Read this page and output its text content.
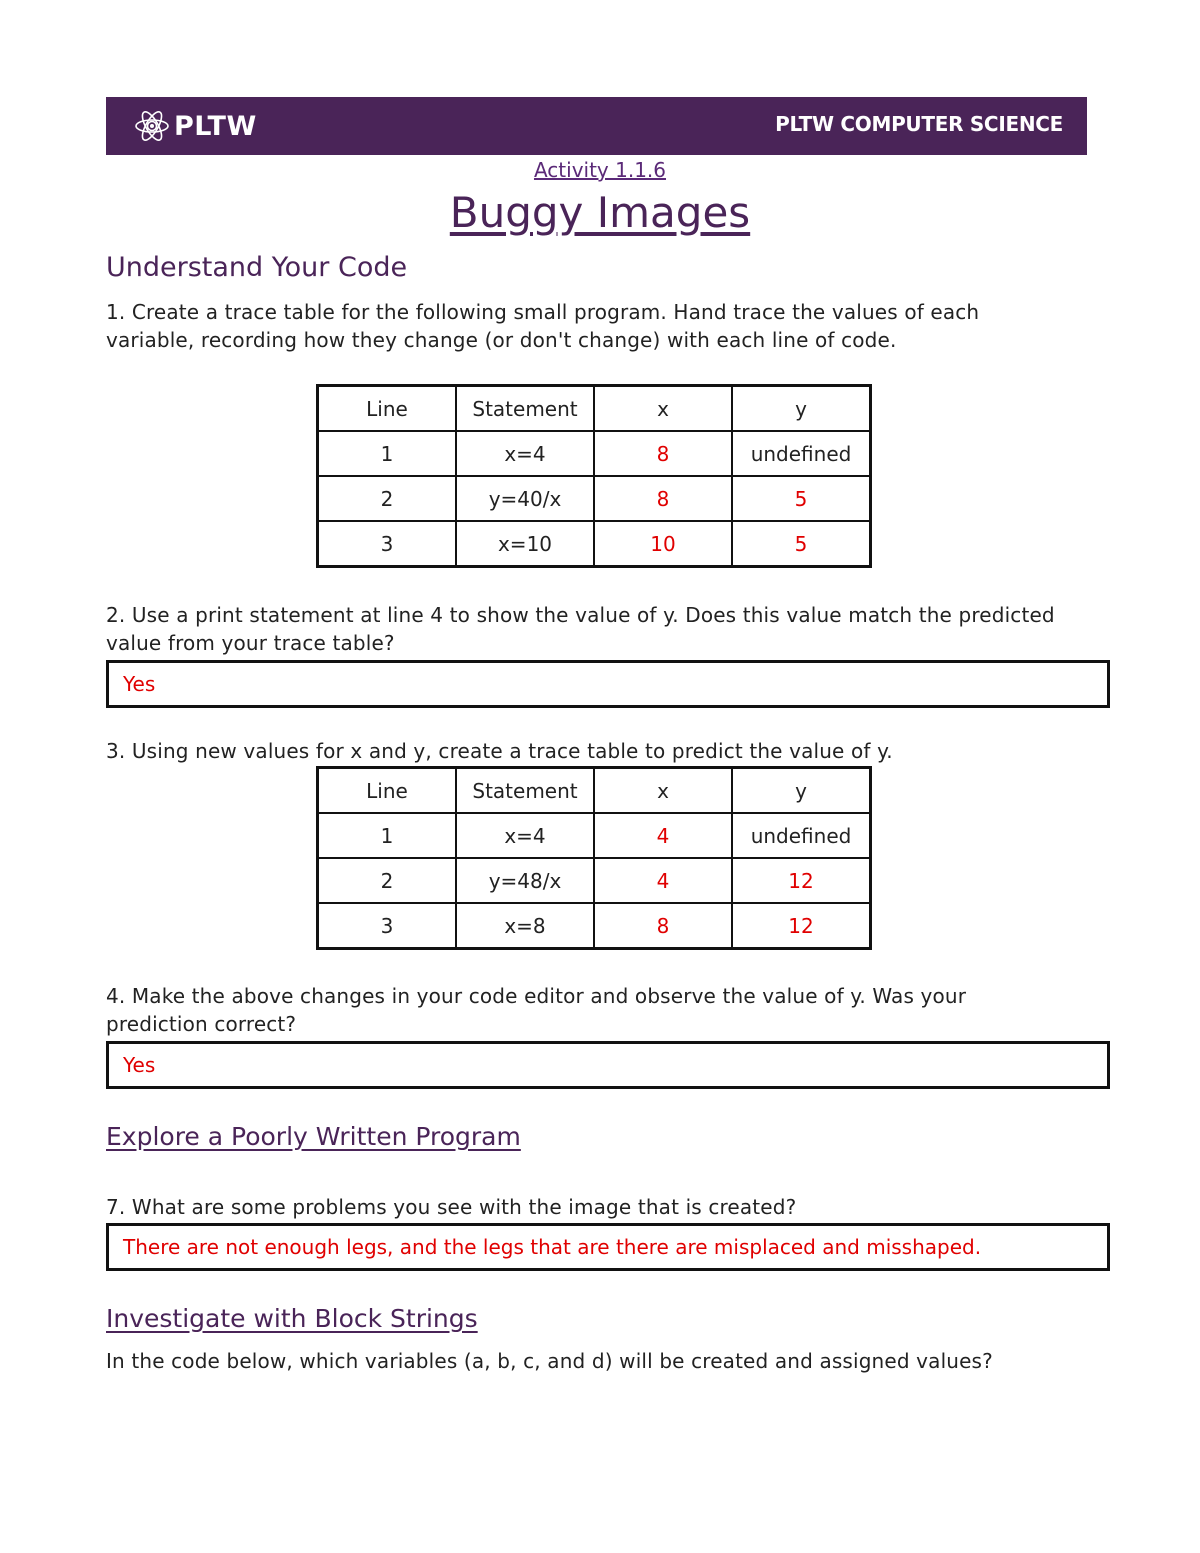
PLTW	PLTW COMPUTER SCIENCE
Activity 1.1.6
Buggy Images
Understand Your Code
1. Create a trace table for the following small program. Hand trace the values of each variable, recording how they change (or don't change) with each line of code.
Line	Statement	x	y
1	x=4	8	undefined
2	y=40/x	8	5
3	x=10	10	5
2. Use a print statement at line 4 to show the value of y. Does this value match the predicted value from your trace table?
Yes
3. Using new values for x and y, create a trace table to predict the value of y.
Line	Statement	x	y
1	x=4	4	undefined
2	y=48/x	4	12
3	x=8	8	12
4. Make the above changes in your code editor and observe the value of y. Was your prediction correct?
Yes
Explore a Poorly Written Program
7. What are some problems you see with the image that is created?
There are not enough legs, and the legs that are there are misplaced and misshaped.
Investigate with Block Strings
In the code below, which variables (a, b, c, and d) will be created and assigned values?
